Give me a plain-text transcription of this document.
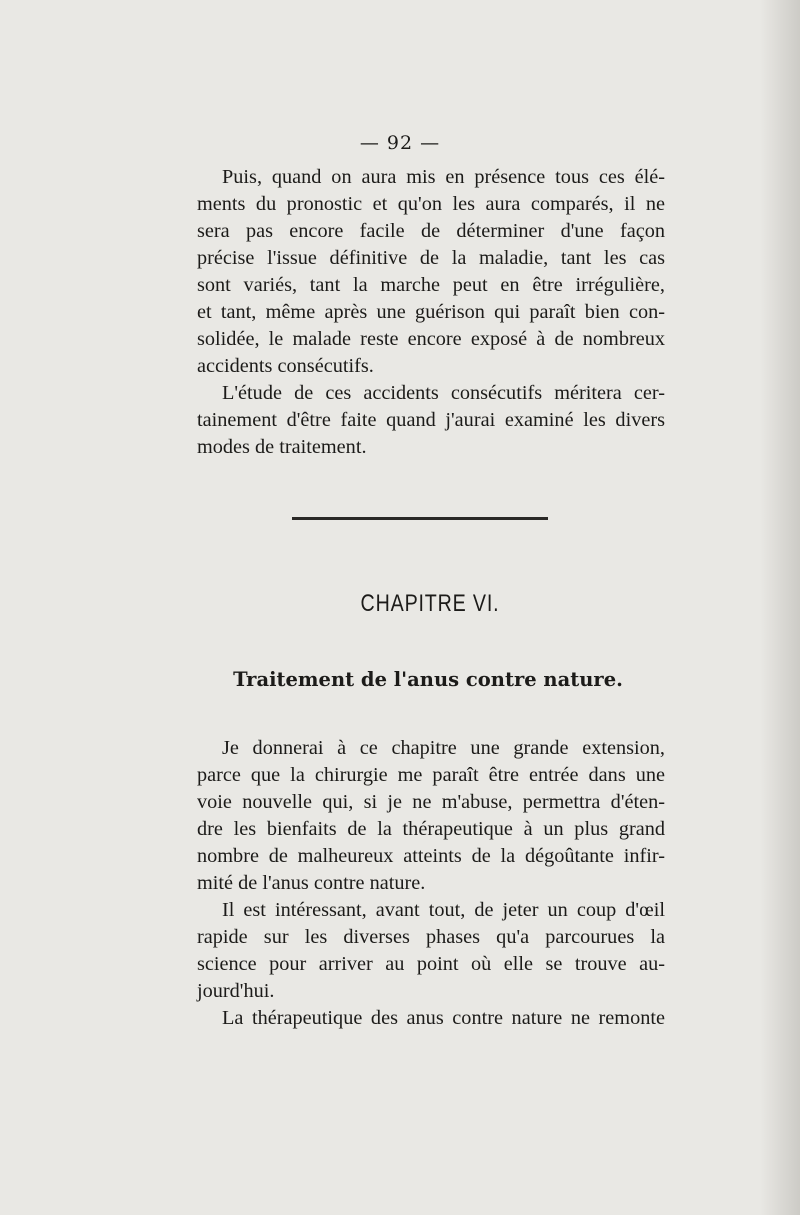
— 92 —

Puis, quand on aura mis en présence tous ces élé-

ments du pronostic et qu'on les aura comparés, il ne

sera pas encore facile de déterminer d'une façon

précise l'issue définitive de la maladie, tant les cas

sont variés, tant la marche peut en être irrégulière,

et tant, même après une guérison qui paraît bien con-

solidée, le malade reste encore exposé à de nombreux

accidents consécutifs.

L'étude de ces accidents consécutifs méritera cer-

tainement d'être faite quand j'aurai examiné les divers

modes de traitement.

CHAPITRE VI.
Traitement de l'anus contre nature.

Je donnerai à ce chapitre une grande extension,

parce que la chirurgie me paraît être entrée dans une

voie nouvelle qui, si je ne m'abuse, permettra d'éten-

dre les bienfaits de la thérapeutique à un plus grand

nombre de malheureux atteints de la dégoûtante infir-

mité de l'anus contre nature.

Il est intéressant, avant tout, de jeter un coup d'œil

rapide sur les diverses phases qu'a parcourues la

science pour arriver au point où elle se trouve au-

jourd'hui.

La thérapeutique des anus contre nature ne remonte
